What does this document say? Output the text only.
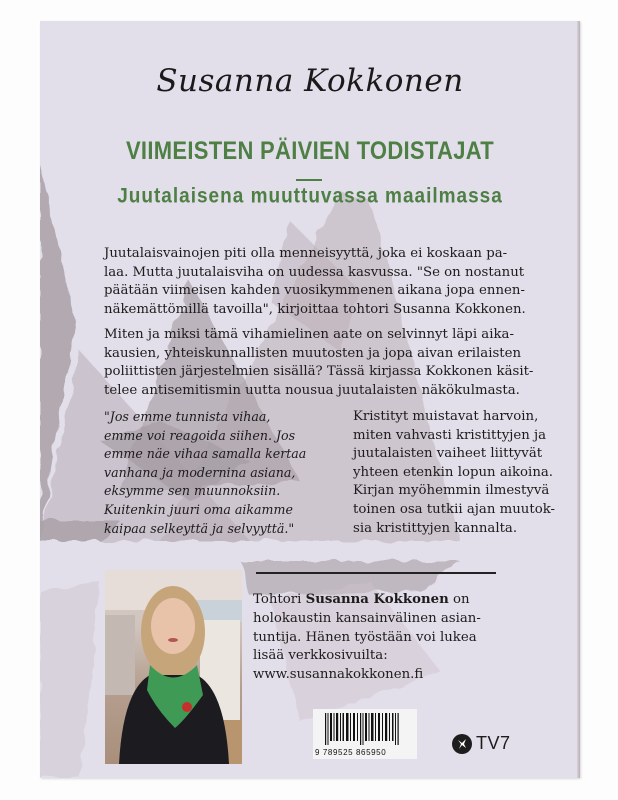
Susanna Kokkonen
VIIMEISTEN PÄIVIEN TODISTAJAT
Juutalaisena muuttuvassa maailmassa
Juutalaisvainojen piti olla menneisyyttä, joka ei koskaan pa-
laa. Mutta juutalaisviha on uudessa kasvussa. "Se on nostanut
päätään viimeisen kahden vuosikymmenen aikana jopa ennen-
näkemättömillä tavoilla", kirjoittaa tohtori Susanna Kokkonen.
Miten ja miksi tämä vihamielinen aate on selvinnyt läpi aika-
kausien, yhteiskunnallisten muutosten ja jopa aivan erilaisten
poliittisten järjestelmien sisällä? Tässä kirjassa Kokkonen käsit-
telee antisemitismin uutta nousua juutalaisten näkökulmasta.
"Jos emme tunnista vihaa,
emme voi reagoida siihen. Jos
emme näe vihaa samalla kertaa
vanhana ja modernina asiana,
eksymme sen muunnoksiin.
Kuitenkin juuri oma aikamme
kaipaa selkeyttä ja selvyyttä."
Kristityt muistavat harvoin,
miten vahvasti kristittyjen ja
juutalaisten vaiheet liittyvät
yhteen etenkin lopun aikoina.
Kirjan myöhemmin ilmestyvä
toinen osa tutkii ajan muutok-
sia kristittyjen kannalta.
Tohtori Susanna Kokkonen on
holokaustin kansainvälinen asian-
tuntija. Hänen työstään voi lukea
lisää verkkosivuilta:
www.susannakokkonen.fi
9 789525 865950	TV7
